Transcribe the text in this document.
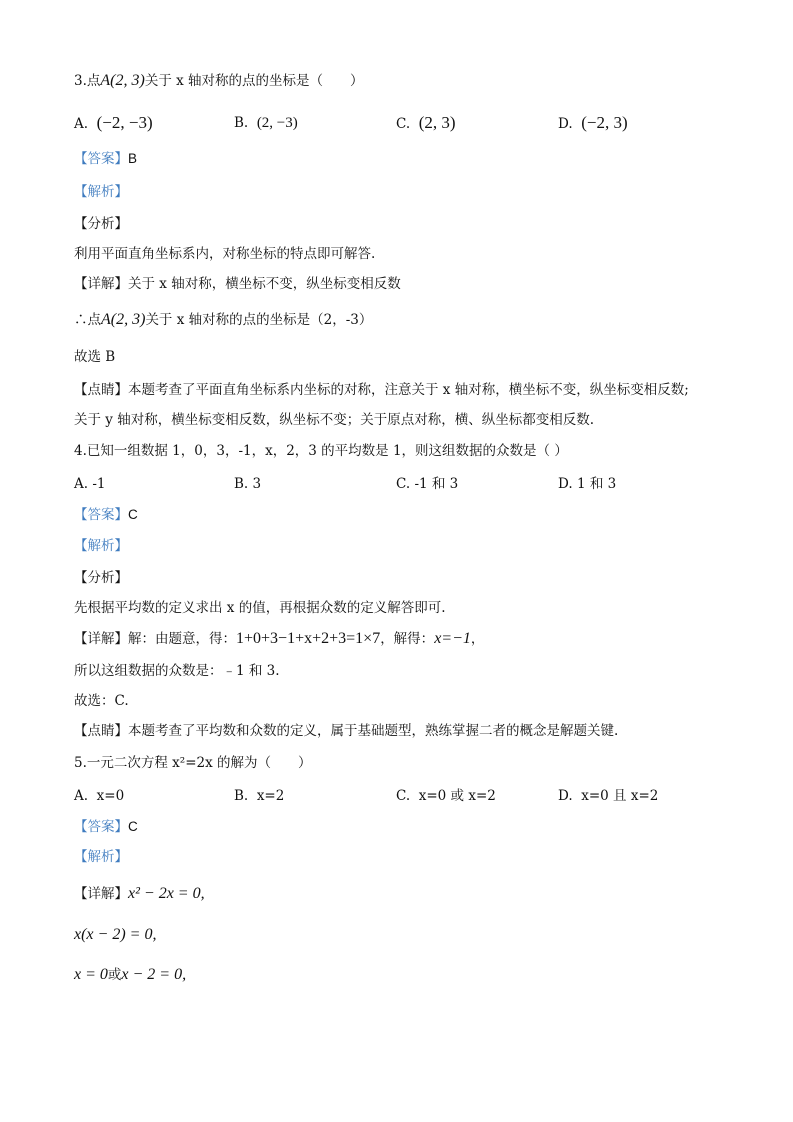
3.点A(2, 3)关于 x 轴对称的点的坐标是（　　）
A. (−2, −3)	B. (2, −3)	C. (2, 3)	D. (−2, 3)
【答案】B
【解析】
【分析】
利用平面直角坐标系内，对称坐标的特点即可解答.
【详解】关于 x 轴对称，横坐标不变，纵坐标变相反数
∴点A(2, 3)关于 x 轴对称的点的坐标是（2，-3）
故选 B
【点睛】本题考查了平面直角坐标系内坐标的对称，注意关于 x 轴对称，横坐标不变，纵坐标变相反数;
关于 y 轴对称，横坐标变相反数，纵坐标不变；关于原点对称，横、纵坐标都变相反数.
4.已知一组数据 1，0，3，-1，x，2，3 的平均数是 1，则这组数据的众数是（ ）
A. -1	B. 3	C. -1 和 3	D. 1 和 3
【答案】C
【解析】
【分析】
先根据平均数的定义求出 x 的值，再根据众数的定义解答即可.
【详解】解：由题意，得：1+0+3−1+x+2+3=1×7，解得：x=−1，
所以这组数据的众数是：﹣1 和 3.
故选：C.
【点睛】本题考查了平均数和众数的定义，属于基础题型，熟练掌握二者的概念是解题关键.
5.一元二次方程 x²=2x 的解为（　　）
A. x=0	B. x=2	C. x=0 或 x=2	D. x=0 且 x=2
【答案】C
【解析】
【详解】x² − 2x = 0,
x(x − 2) = 0,
x = 0或x − 2 = 0,
